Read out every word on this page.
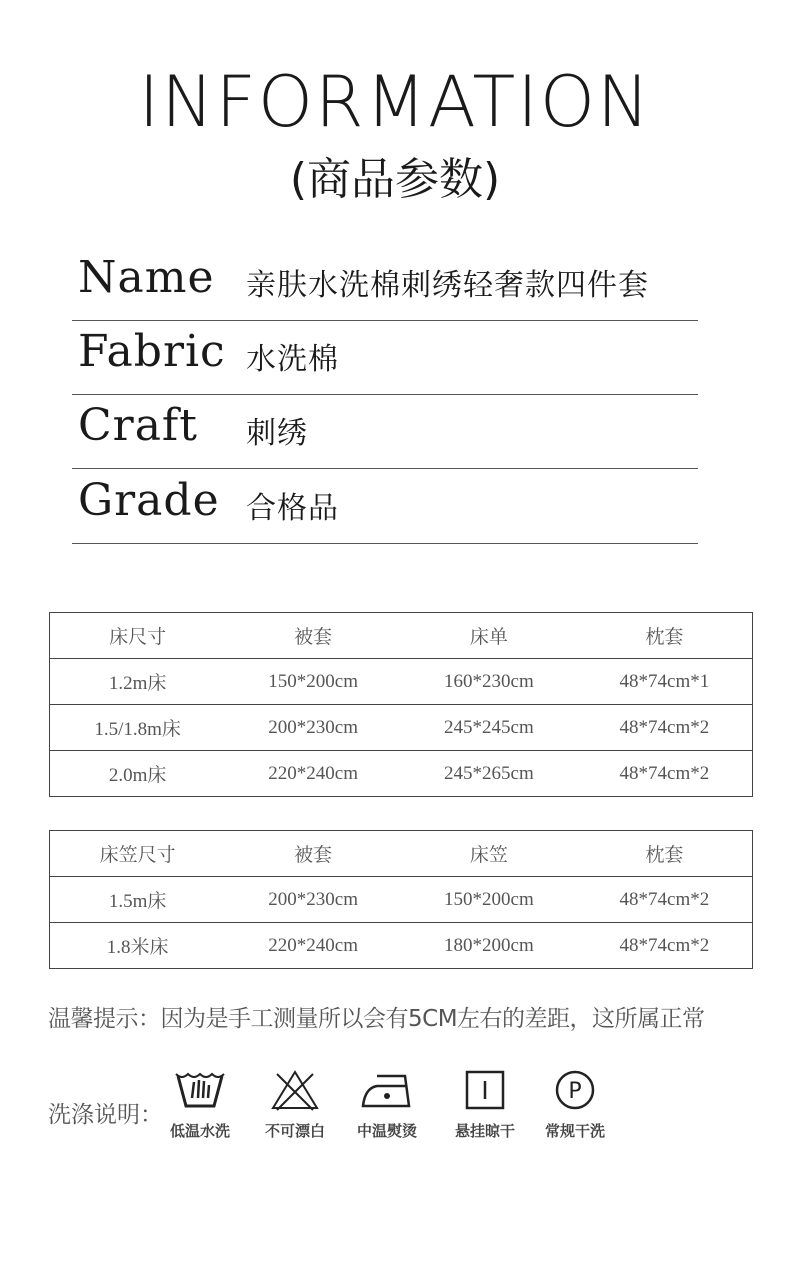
INFORMATION
(商品参数)
Name 亲肤水洗棉刺绣轻奢款四件套
Fabric 水洗棉
Craft 刺绣
Grade 合格品
床尺寸	被套	床单	枕套
1.2m床	150*200cm	160*230cm	48*74cm*1
1.5/1.8m床	200*230cm	245*245cm	48*74cm*2
2.0m床	220*240cm	245*265cm	48*74cm*2
床笠尺寸	被套	床笠	枕套
1.5m床	200*230cm	150*200cm	48*74cm*2
1.8米床	220*240cm	180*200cm	48*74cm*2
温馨提示：因为是手工测量所以会有5CM左右的差距，这所属正常
洗涤说明：
低温水洗	不可漂白	中温熨烫	悬挂晾干
P
常规干洗
